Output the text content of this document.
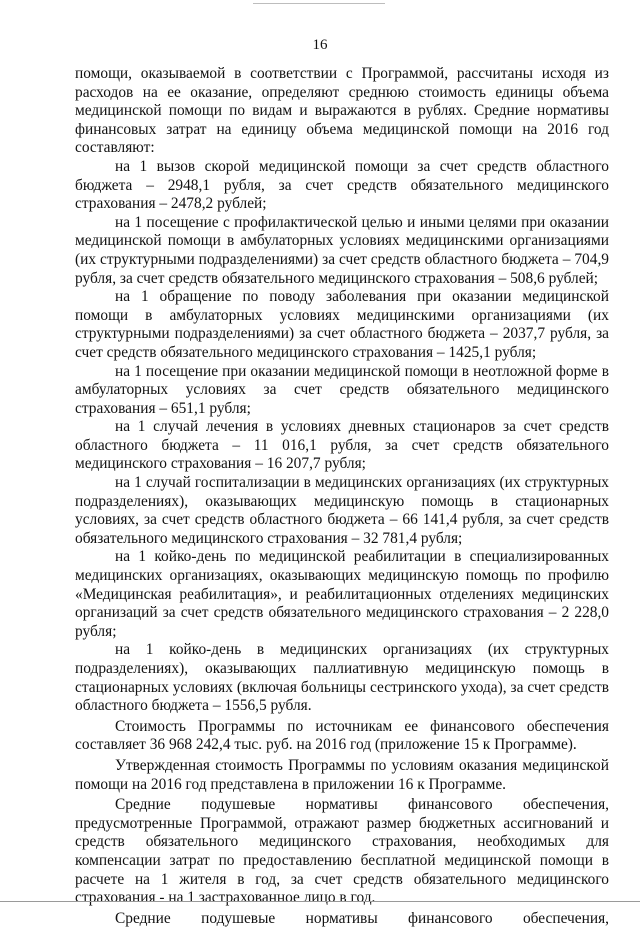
16

помощи, оказываемой в соответствии с Программой, рассчитаны исходя из расходов на ее оказание, определяют среднюю стоимость единицы объема медицинской помощи по видам и выражаются в рублях. Средние нормативы финансовых затрат на единицу объема медицинской помощи на 2016 год составляют:

на 1 вызов скорой медицинской помощи за счет средств областного бюджета – 2948,1 рубля, за счет средств обязательного медицинского страхования – 2478,2 рублей;

на 1 посещение с профилактической целью и иными целями при оказании медицинской помощи в амбулаторных условиях медицинскими организациями (их структурными подразделениями) за счет средств областного бюджета – 704,9 рубля, за счет средств обязательного медицинского страхования – 508,6 рублей;

на 1 обращение по поводу заболевания при оказании медицинской помощи в амбулаторных условиях медицинскими организациями (их структурными подразделениями) за счет областного бюджета – 2037,7 рубля, за счет средств обязательного медицинского страхования – 1425,1 рубля;

на 1 посещение при оказании медицинской помощи в неотложной форме в амбулаторных условиях за счет средств обязательного медицинского страхования – 651,1 рубля;

на 1 случай лечения в условиях дневных стационаров за счет средств областного бюджета – 11 016,1 рубля, за счет средств обязательного медицинского страхования – 16 207,7 рубля;

на 1 случай госпитализации в медицинских организациях (их структурных подразделениях), оказывающих медицинскую помощь в стационарных условиях, за счет средств областного бюджета – 66 141,4 рубля, за счет средств обязательного медицинского страхования – 32 781,4 рубля;

на 1 койко-день по медицинской реабилитации в специализированных медицинских организациях, оказывающих медицинскую помощь по профилю «Медицинская реабилитация», и реабилитационных отделениях медицинских организаций за счет средств обязательного медицинского страхования – 2 228,0 рубля;

на 1 койко-день в медицинских организациях (их структурных подразделениях), оказывающих паллиативную медицинскую помощь в стационарных условиях (включая больницы сестринского ухода), за счет средств областного бюджета – 1556,5 рубля.

Стоимость Программы по источникам ее финансового обеспечения составляет 36 968 242,4 тыс. руб. на 2016 год (приложение 15 к Программе).

Утвержденная стоимость Программы по условиям оказания медицинской помощи на 2016 год представлена в приложении 16 к Программе.

Средние подушевые нормативы финансового обеспечения, предусмотренные Программой, отражают размер бюджетных ассигнований и средств обязательного медицинского страхования, необходимых для компенсации затрат по предоставлению бесплатной медицинской помощи в расчете на 1 жителя в год, за счет средств обязательного медицинского страхования - на 1 застрахованное лицо в год.

Средние подушевые нормативы финансового обеспечения,
